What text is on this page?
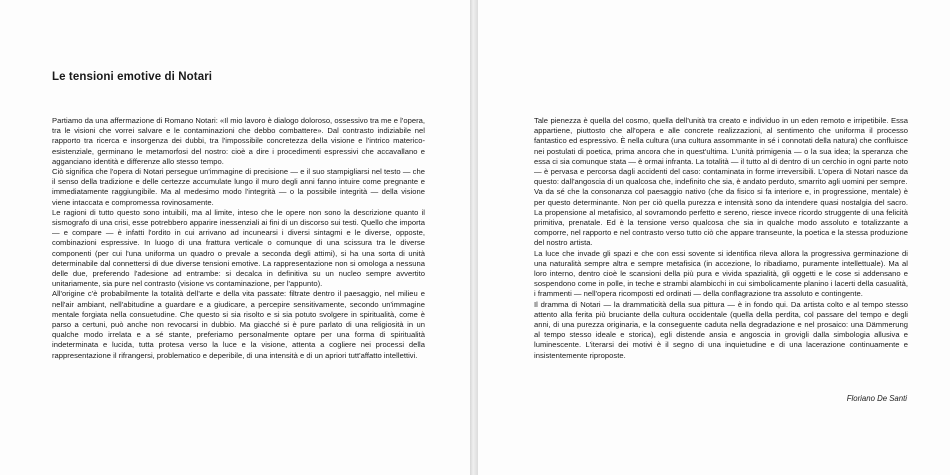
Le tensioni emotive di Notari

Partiamo da una affermazione di Romano Notari: «Il mio lavoro è dialogo doloroso, ossessivo tra me e l'opera, tra le visioni che vorrei salvare e le contaminazioni che debbo combattere». Dal contrasto indiziabile nel rapporto tra ricerca e insorgenza dei dubbi, tra l'impossibile concretezza della visione e l'intrico materico-esistenziale, germinano le metamorfosi del nostro: cioè a dire i procedimenti espressivi che accavallano e agganciano identità e differenze allo stesso tempo.

Ciò significa che l'opera di Notari persegue un'immagine di precisione — e il suo stampigliarsi nel testo — che il senso della tradizione e delle certezze accumulate lungo il muro degli anni fanno intuire come pregnante e immediatamente raggiungibile. Ma al medesimo modo l'integrità — o la possibile integrità — della visione viene intaccata e compromessa rovinosamente.

Le ragioni di tutto questo sono intuibili, ma al limite, inteso che le opere non sono la descrizione quanto il sismografo di una crisi, esse potrebbero apparire inessenziali ai fini di un discorso sui testi. Quello che importa — e compare — è infatti l'ordito in cui arrivano ad incunearsi i diversi sintagmi e le diverse, opposte, combinazioni espressive. In luogo di una frattura verticale o comunque di una scissura tra le diverse componenti (per cui l'una uniforma un quadro o prevale a seconda degli attimi), si ha una sorta di unità determinabile dal connettersi di due diverse tensioni emotive. La rappresentazione non si omologa a nessuna delle due, preferendo l'adesione ad entrambe: si decalca in definitiva su un nucleo sempre avvertito unitariamente, sia pure nel contrasto (visione vs contaminazione, per l'appunto).

All'origine c'è probabilmente la totalità dell'arte e della vita passate: filtrate dentro il paesaggio, nel milieu e nell'air ambiant, nell'abitudine a guardare e a giudicare, a percepire sensitivamente, secondo un'immagine mentale forgiata nella consuetudine. Che questo si sia risolto e si sia potuto svolgere in spiritualità, come è parso a certuni, può anche non revocarsi in dubbio. Ma giacché si è pure parlato di una religiosità in un qualche modo irrelata e a sé stante, preferiamo personalmente optare per una forma di spiritualità indeterminata e lucida, tutta protesa verso la luce e la visione, attenta a cogliere nei processi della rappresentazione il rifrangersi, problematico e deperibile, di una intensità e di un apriori tutt'affatto intellettivi.

Tale pienezza è quella del cosmo, quella dell'unità tra creato e individuo in un eden remoto e irripetibile. Essa appartiene, piuttosto che all'opera e alle concrete realizzazioni, al sentimento che uniforma il processo fantastico ed espressivo. È nella cultura (una cultura assommante in sé i connotati della natura) che confluisce nei postulati di poetica, prima ancora che in quest'ultima. L'unità primigenia — o la sua idea; la speranza che essa ci sia comunque stata — è ormai infranta. La totalità — il tutto al di dentro di un cerchio in ogni parte noto — è pervasa e percorsa dagli accidenti del caso: contaminata in forme irreversibili. L'opera di Notari nasce da questo: dall'angoscia di un qualcosa che, indefinito che sia, è andato perduto, smarrito agli uomini per sempre.

Va da sé che la consonanza col paesaggio nativo (che da fisico si fa interiore e, in progressione, mentale) è per questo determinante. Non per ciò quella purezza e intensità sono da intendere quasi nostalgia del sacro. La propensione al metafisico, al sovramondo perfetto e sereno, riesce invece ricordo struggente di una felicità primitiva, prenatale. Ed è la tensione verso qualcosa che sia in qualche modo assoluto e totalizzante a comporre, nel rapporto e nel contrasto verso tutto ciò che appare transeunte, la poetica e la stessa produzione del nostro artista.

La luce che invade gli spazi e che con essi sovente si identifica rileva allora la progressiva germinazione di una naturalità sempre altra e sempre metafisica (in accezione, lo ribadiamo, puramente intellettuale). Ma al loro interno, dentro cioè le scansioni della più pura e vivida spazialità, gli oggetti e le cose si addensano e sospendono come in polle, in teche e strambi alambicchi in cui simbolicamente planino i lacerti della casualità, i frammenti — nell'opera ricomposti ed ordinati — della conflagrazione tra assoluto e contingente.

Il dramma di Notari — la drammaticità della sua pittura — è in fondo qui. Da artista colto e al tempo stesso attento alla ferita più bruciante della cultura occidentale (quella della perdita, col passare del tempo e degli anni, di una purezza originaria, e la conseguente caduta nella degradazione e nel prosaico: una Dämmerung al tempo stesso ideale e storica), egli distende ansia e angoscia in grovigli dalla simbologia allusiva e luminescente. L'iterarsi dei motivi è il segno di una inquietudine e di una lacerazione continuamente e insistentemente riproposte.

Floriano De Santi
